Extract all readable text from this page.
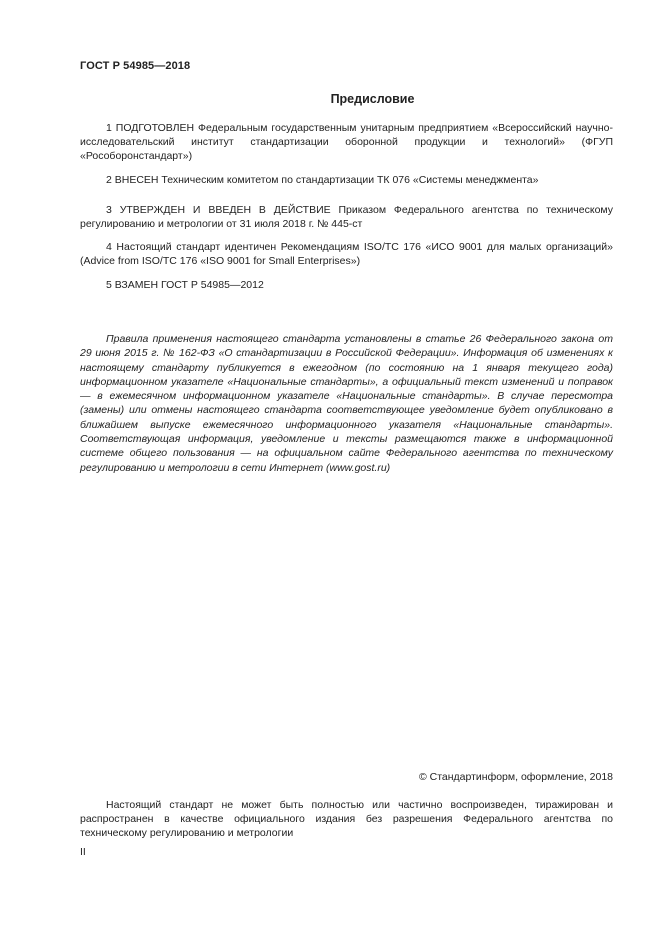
ГОСТ Р 54985—2018
Предисловие

1 ПОДГОТОВЛЕН Федеральным государственным унитарным предприятием «Всероссийский научно-исследовательский институт стандартизации оборонной продукции и технологий» (ФГУП «Рособоронстандарт»)

2 ВНЕСЕН Техническим комитетом по стандартизации ТК 076 «Системы менеджмента»

3 УТВЕРЖДЕН И ВВЕДЕН В ДЕЙСТВИЕ Приказом Федерального агентства по техническому регулированию и метрологии от 31 июля 2018 г. № 445-ст

4 Настоящий стандарт идентичен Рекомендациям ISO/TC 176 «ИСО 9001 для малых организаций» (Advice from ISO/TC 176 «ISO 9001 for Small Enterprises»)

5 ВЗАМЕН ГОСТ Р 54985—2012

Правила применения настоящего стандарта установлены в статье 26 Федерального закона от 29 июня 2015 г. № 162-ФЗ «О стандартизации в Российской Федерации». Информация об изменениях к настоящему стандарту публикуется в ежегодном (по состоянию на 1 января текущего года) информационном указателе «Национальные стандарты», а официальный текст изменений и поправок — в ежемесячном информационном указателе «Национальные стандарты». В случае пересмотра (замены) или отмены настоящего стандарта соответствующее уведомление будет опубликовано в ближайшем выпуске ежемесячного информационного указателя «Национальные стандарты». Соответствующая информация, уведомление и тексты размещаются также в информационной системе общего пользования — на официальном сайте Федерального агентства по техническому регулированию и метрологии в сети Интернет (www.gost.ru)

© Стандартинформ, оформление, 2018

Настоящий стандарт не может быть полностью или частично воспроизведен, тиражирован и распространен в качестве официального издания без разрешения Федерального агентства по техническому регулированию и метрологии

II
